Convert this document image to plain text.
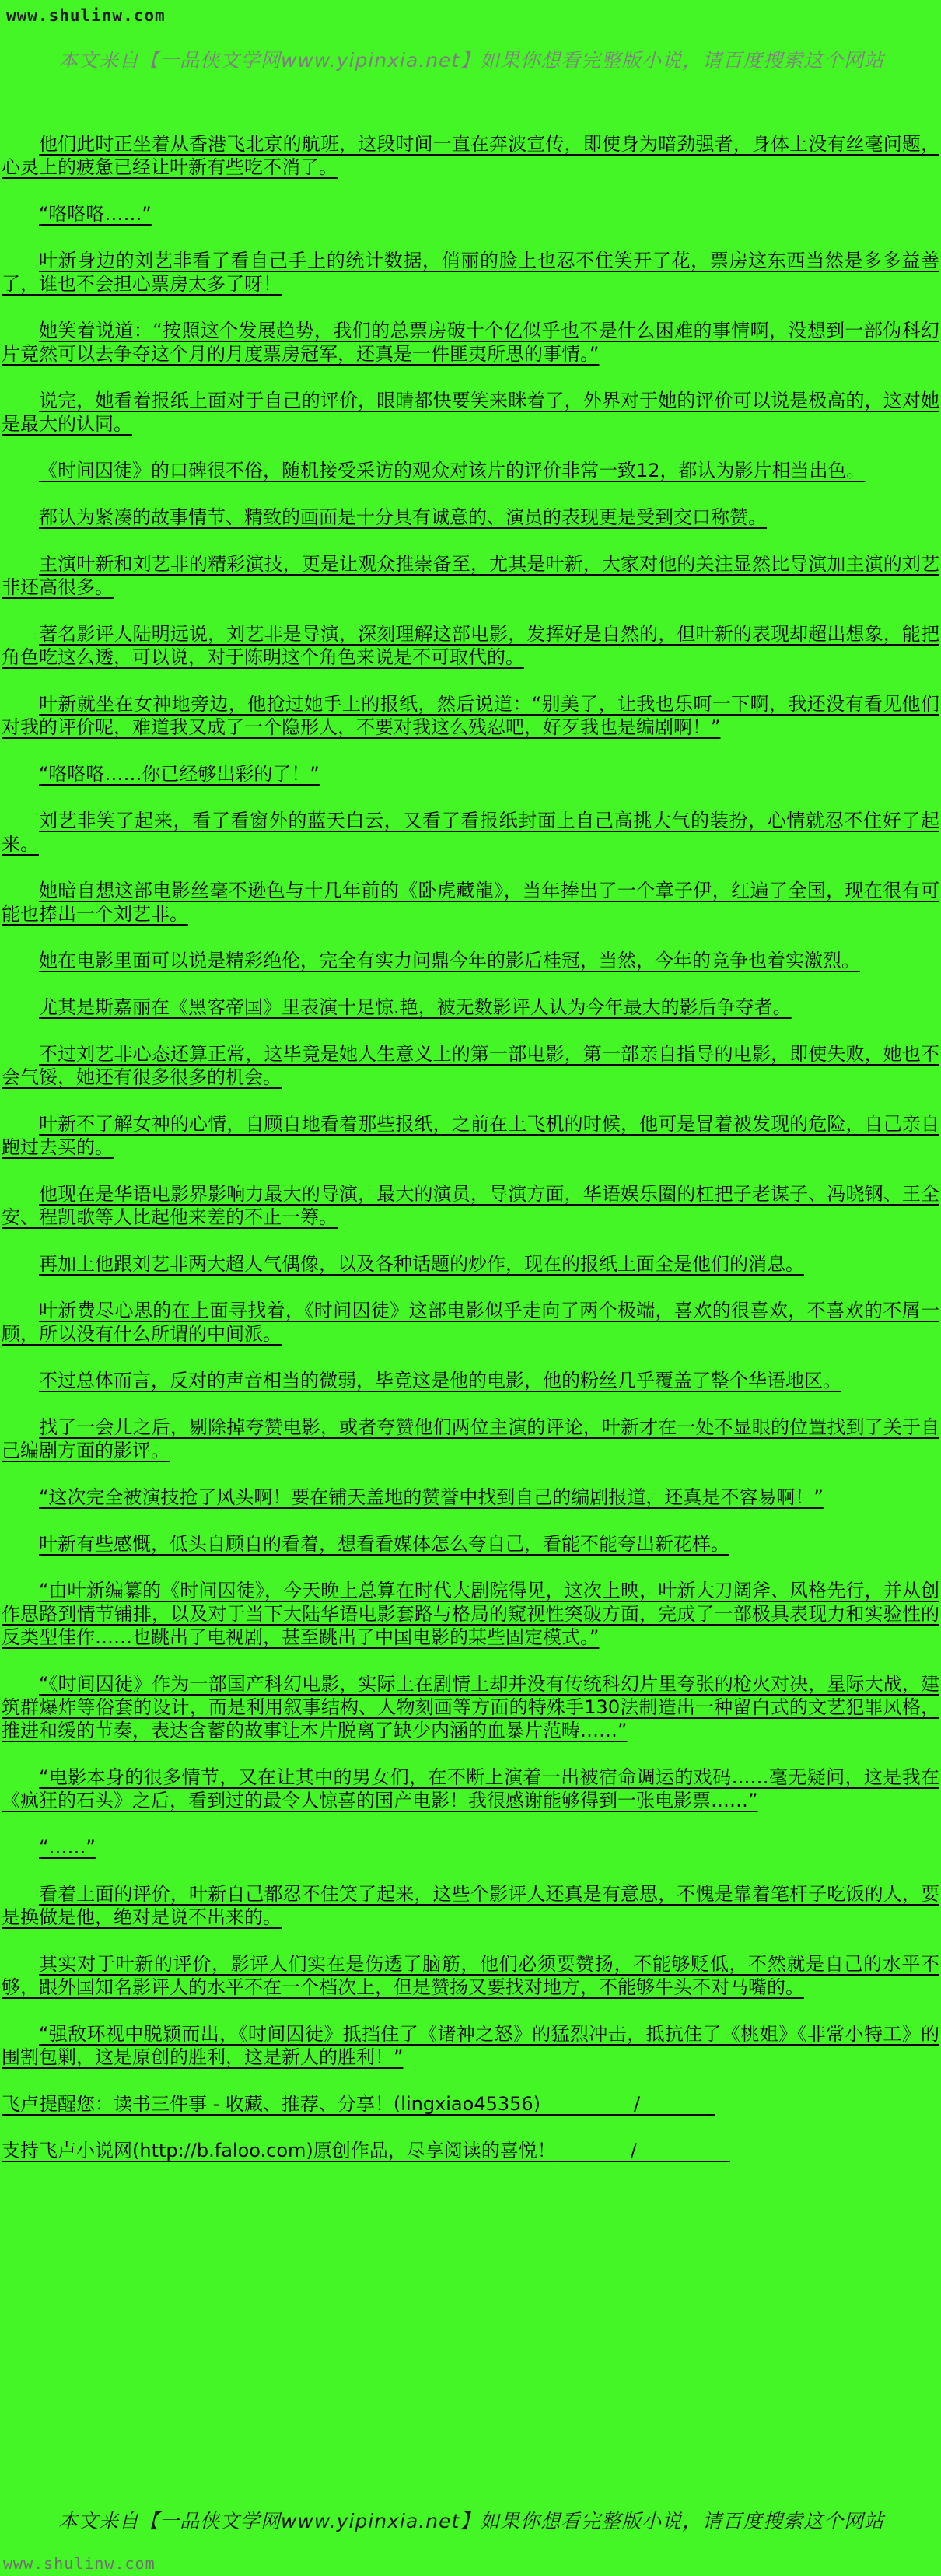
www.shulinw.com
本文来自【一品侠文学网www.yipinxia.net】如果你想看完整版小说，请百度搜索这个网站

他们此时正坐着从香港飞北京的航班，这段时间一直在奔波宣传，即使身为暗劲强者，身体上没有丝毫问题，心灵上的疲惫已经让叶新有些吃不消了。

“咯咯咯……”

叶新身边的刘艺非看了看自己手上的统计数据，俏丽的脸上也忍不住笑开了花，票房这东西当然是多多益善了，谁也不会担心票房太多了呀！

她笑着说道：“按照这个发展趋势，我们的总票房破十个亿似乎也不是什么困难的事情啊，没想到一部伪科幻片竟然可以去争夺这个月的月度票房冠军，还真是一件匪夷所思的事情。”

说完，她看着报纸上面对于自己的评价，眼睛都快要笑来眯着了，外界对于她的评价可以说是极高的，这对她是最大的认同。

《时间囚徒》的口碑很不俗，随机接受采访的观众对该片的评价非常一致12，都认为影片相当出色。

都认为紧凑的故事情节、精致的画面是十分具有诚意的、演员的表现更是受到交口称赞。

主演叶新和刘艺非的精彩演技，更是让观众推崇备至，尤其是叶新，大家对他的关注显然比导演加主演的刘艺非还高很多。

著名影评人陆明远说，刘艺非是导演，深刻理解这部电影，发挥好是自然的，但叶新的表现却超出想象，能把角色吃这么透，可以说，对于陈明这个角色来说是不可取代的。

叶新就坐在女神地旁边，他抢过她手上的报纸，然后说道：“别美了，让我也乐呵一下啊，我还没有看见他们对我的评价呢，难道我又成了一个隐形人，不要对我这么残忍吧，好歹我也是编剧啊！”

“咯咯咯……你已经够出彩的了！”

刘艺非笑了起来，看了看窗外的蓝天白云，又看了看报纸封面上自己高挑大气的装扮，心情就忍不住好了起来。

她暗自想这部电影丝毫不逊色与十几年前的《卧虎藏龍》，当年捧出了一个章子伊，红遍了全国，现在很有可能也捧出一个刘艺非。

她在电影里面可以说是精彩绝伦，完全有实力问鼎今年的影后桂冠，当然，今年的竞争也着实激烈。

尤其是斯嘉丽在《黑客帝国》里表演十足惊.艳，被无数影评人认为今年最大的影后争夺者。

不过刘艺非心态还算正常，这毕竟是她人生意义上的第一部电影，第一部亲自指导的电影，即使失败，她也不会气馁，她还有很多很多的机会。

叶新不了解女神的心情，自顾自地看着那些报纸，之前在上飞机的时候，他可是冒着被发现的危险，自己亲自跑过去买的。

他现在是华语电影界影响力最大的导演，最大的演员，导演方面，华语娱乐圈的杠把子老谋子、冯晓钢、王全安、程凯歌等人比起他来差的不止一筹。

再加上他跟刘艺非两大超人气偶像，以及各种话题的炒作，现在的报纸上面全是他们的消息。

叶新费尽心思的在上面寻找着，《时间囚徒》这部电影似乎走向了两个极端，喜欢的很喜欢，不喜欢的不屑一顾，所以没有什么所谓的中间派。

不过总体而言，反对的声音相当的微弱，毕竟这是他的电影，他的粉丝几乎覆盖了整个华语地区。

找了一会儿之后，剔除掉夸赞电影，或者夸赞他们两位主演的评论，叶新才在一处不显眼的位置找到了关于自己编剧方面的影评。

“这次完全被演技抢了风头啊！要在铺天盖地的赞誉中找到自己的编剧报道，还真是不容易啊！”

叶新有些感慨，低头自顾自的看着，想看看媒体怎么夸自己，看能不能夸出新花样。

“由叶新编纂的《时间囚徒》，今天晚上总算在时代大剧院得见，这次上映，叶新大刀阔斧、风格先行，并从创作思路到情节铺排，以及对于当下大陆华语电影套路与格局的窥视性突破方面，完成了一部极具表现力和实验性的反类型佳作……也跳出了电视剧，甚至跳出了中国电影的某些固定模式。”

“《时间囚徒》作为一部国产科幻电影，实际上在剧情上却并没有传统科幻片里夸张的枪火对决，星际大战，建筑群爆炸等俗套的设计，而是利用叙事结构、人物刻画等方面的特殊手130法制造出一种留白式的文艺犯罪风格，推进和缓的节奏，表达含蓄的故事让本片脱离了缺少内涵的血暴片范畴……”

“电影本身的很多情节，又在让其中的男女们，在不断上演着一出被宿命调运的戏码……毫无疑问，这是我在《疯狂的石头》之后，看到过的最令人惊喜的国产电影！我很感谢能够得到一张电影票……”

“……”

看着上面的评价，叶新自己都忍不住笑了起来，这些个影评人还真是有意思，不愧是靠着笔杆子吃饭的人，要是换做是他，绝对是说不出来的。

其实对于叶新的评价，影评人们实在是伤透了脑筋，他们必须要赞扬，不能够贬低，不然就是自己的水平不够，跟外国知名影评人的水平不在一个档次上，但是赞扬又要找对地方，不能够牛头不对马嘴的。

“强敌环视中脱颖而出，《时间囚徒》抵挡住了《诸神之怒》的猛烈冲击，抵抗住了《桃姐》《非常小特工》的围割包剿，这是原创的胜利，这是新人的胜利！”

飞卢提醒您：读书三件事 - 收藏、推荐、分享！(lingxiao45356)　　　　　/　　　　

支持飞卢小说网(http://b.faloo.com)原创作品，尽享阅读的喜悦！　　　　/　　　　　

本文来自【一品侠文学网www.yipinxia.net】如果你想看完整版小说，请百度搜索这个网站
www.shulinw.com
